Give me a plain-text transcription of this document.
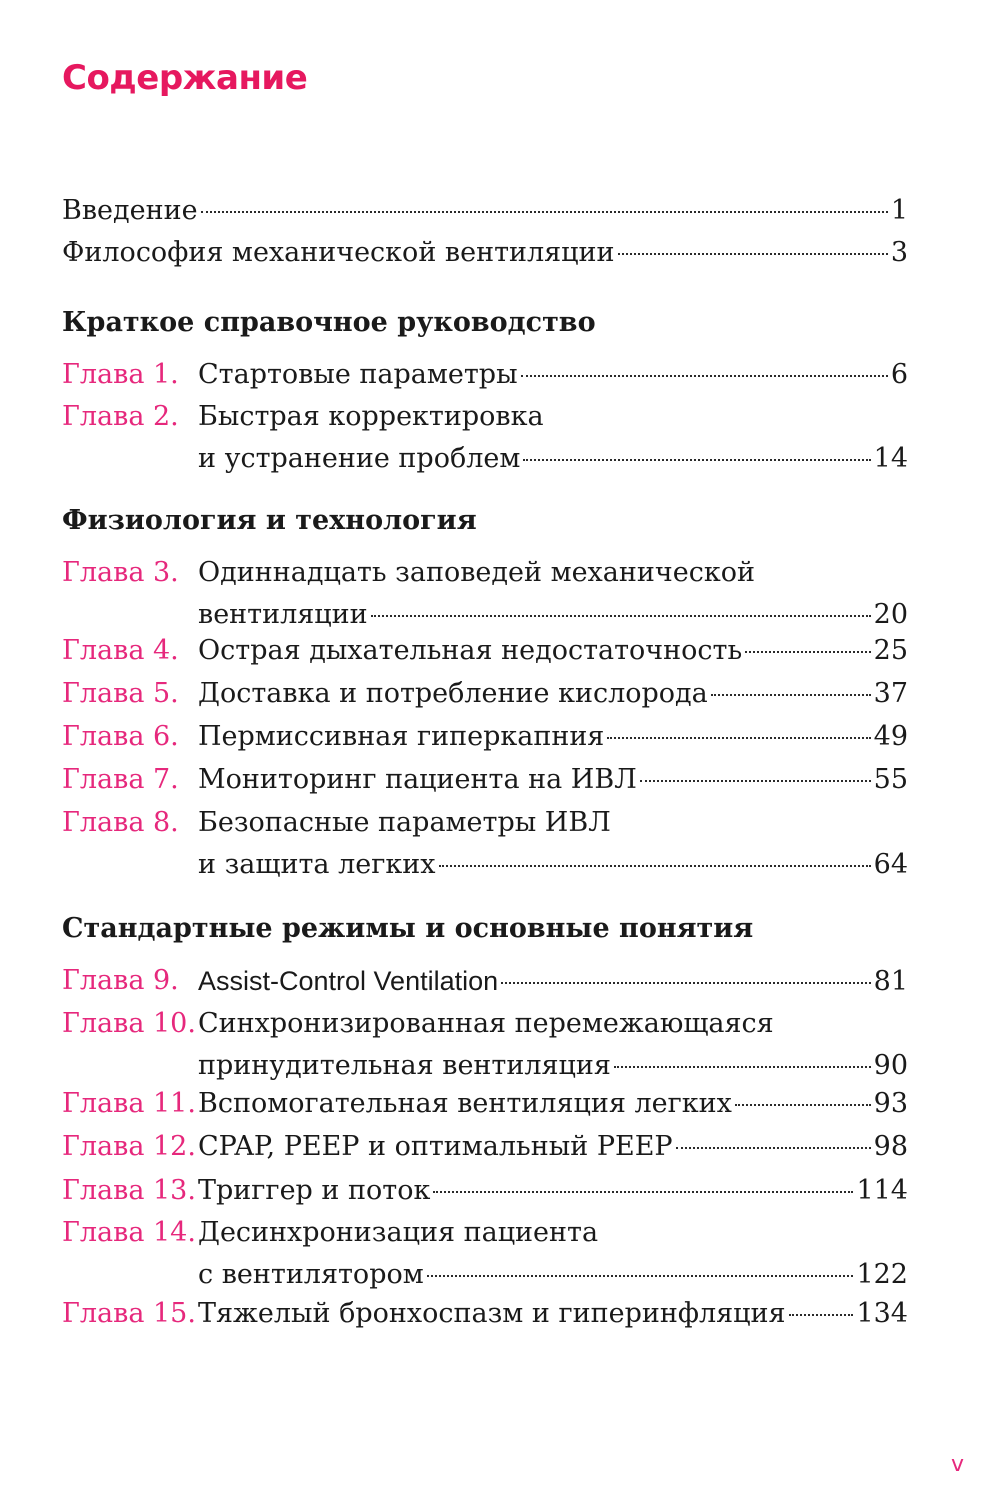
Содержание
Введение	1
Философия механической вентиляции	3
Краткое справочное руководство
Физиология и технология
Стандартные режимы и основные понятия
Глава 1. Стартовые параметры	6
Глава 2. Быстрая корректировка
и устранение проблем	14
Глава 3. Одиннадцать заповедей механической
вентиляции	20
Глава 4. Острая дыхательная недостаточность	25
Глава 5. Доставка и потребление кислорода	37
Глава 6. Пермиссивная гиперкапния	49
Глава 7. Мониторинг пациента на ИВЛ	55
Глава 8. Безопасные параметры ИВЛ
и защита легких	64
Глава 9. Assist-Control Ventilation	81
Глава 10. Синхронизированная перемежающаяся
принудительная вентиляция	90
Глава 11. Вспомогательная вентиляция легких	93
Глава 12. CPAP, PEEP и оптимальный PEEP	98
Глава 13. Триггер и поток	114
Глава 14. Десинхронизация пациента
с вентилятором	122
Глава 15. Тяжелый бронхоспазм и гиперинфляция	134
v
